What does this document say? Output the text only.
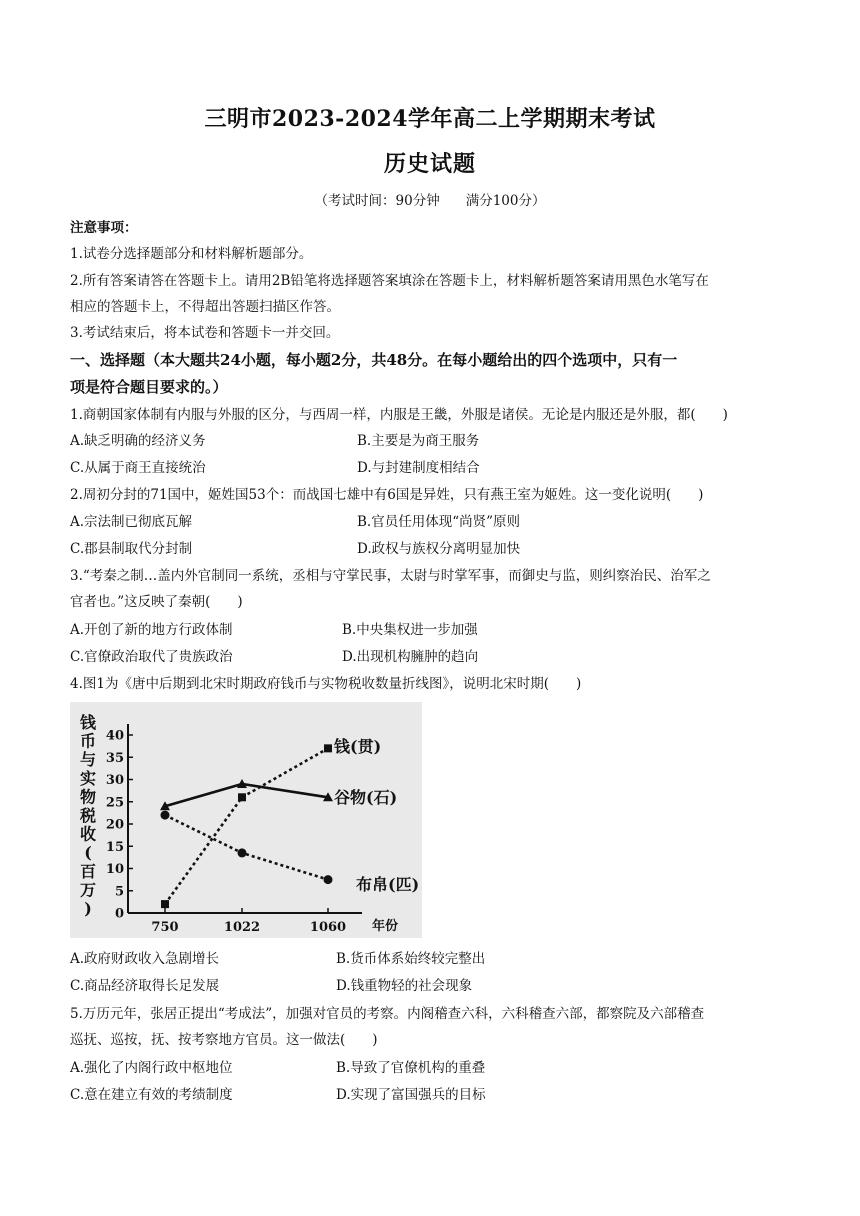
三明市2023-2024学年高二上学期期末考试
历史试题
（考试时间：90分钟 满分100分）
注意事项：
1.试卷分选择题部分和材料解析题部分。
2.所有答案请答在答题卡上。请用2B铅笔将选择题答案填涂在答题卡上，材料解析题答案请用黑色水笔写在
相应的答题卡上，不得超出答题扫描区作答。
3.考试结束后，将本试卷和答题卡一并交回。
一、选择题（本大题共24小题，每小题2分，共48分。在每小题给出的四个选项中，只有一
项是符合题目要求的。）
1.商朝国家体制有内服与外服的区分，与西周一样，内服是王畿，外服是诸侯。无论是内服还是外服，都(　　)
A.缺乏明确的经济义务	B.主要是为商王服务
C.从属于商王直接统治	D.与封建制度相结合
2.周初分封的71国中，姬姓国53个：而战国七雄中有6国是异姓，只有燕王室为姬姓。这一变化说明(　　)
A.宗法制已彻底瓦解	B.官员任用体现“尚贤”原则
C.郡县制取代分封制	D.政权与族权分离明显加快
3.“考秦之制…盖内外官制同一系统，丞相与守掌民事，太尉与时掌军事，而御史与监，则纠察治民、治军之
官者也。”这反映了秦朝(　　)
A.开创了新的地方行政体制	B.中央集权进一步加强
C.官僚政治取代了贵族政治	D.出现机构臃肿的趋向
4.图1为《唐中后期到北宋时期政府钱币与实物税收数量折线图》，说明北宋时期(　　)
钱币与实物税收(百万)	0
5
10
15
20
25
30
35
40
750	1022	1060 年份
钱(贯)
谷物(石)
布帛(匹)
A.政府财政收入急剧增长	B.货币体系始终较完整出
C.商品经济取得长足发展	D.钱重物轻的社会现象
5.万历元年，张居正提出“考成法”，加强对官员的考察。内阁稽查六科，六科稽查六部，都察院及六部稽查
巡抚、巡按，抚、按考察地方官员。这一做法(　　)
A.强化了内阁行政中枢地位	B.导致了官僚机构的重叠
C.意在建立有效的考绩制度	D.实现了富国强兵的目标
